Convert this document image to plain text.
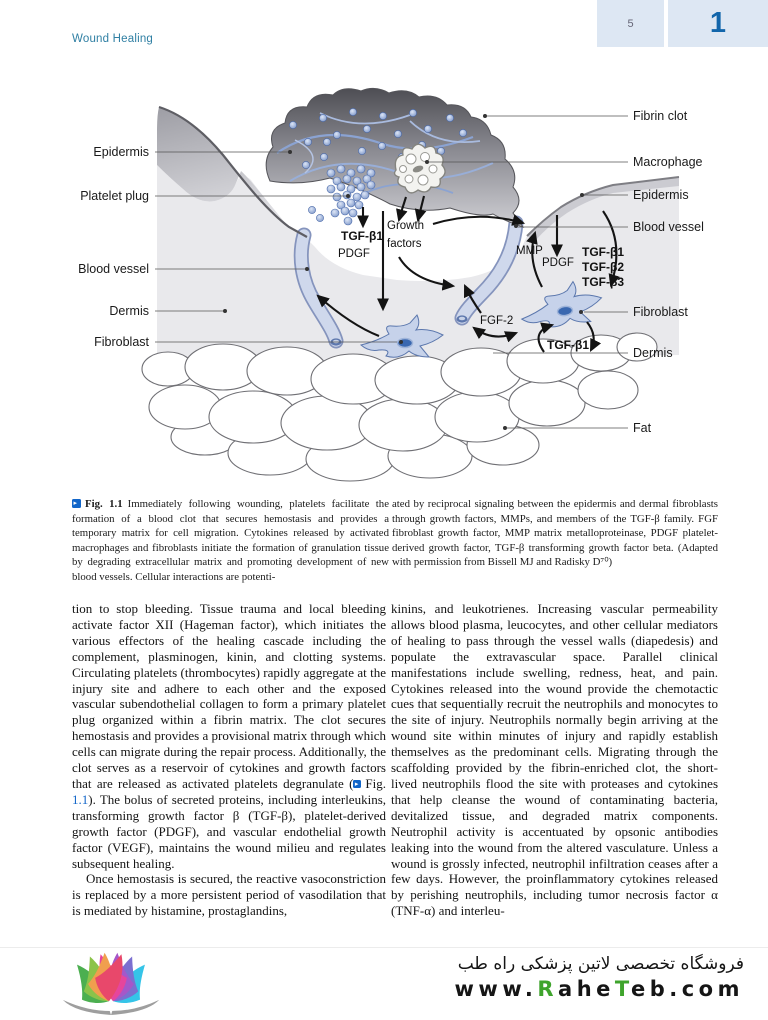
Wound Healing
5	1
Epidermis
Platelet plug
Blood vessel
Dermis
Fibroblast
Fibrin clot
Macrophage
Epidermis
Blood vessel
Fibroblast
Dermis
Fat
TGF-β1
PDGF
Growth
factors
MMP
PDGF
TGF-β1
TGF-β2
TGF-β3
FGF-2
TGF-β1
▸Fig. 1.1 Immediately following wounding, platelets facilitate the formation of a blood clot that secures hemostasis and provides a temporary matrix for cell migration. Cytokines released by activated macrophages and fibroblasts initiate the formation of granulation tissue by degrading extracellular matrix and promoting development of new blood vessels. Cellular interactions are potenti-
ated by reciprocal signaling between the epidermis and dermal fibroblasts through growth factors, MMPs, and members of the TGF-β family. FGF fibroblast growth factor, MMP matrix metalloproteinase, PDGF platelet-derived growth factor, TGF-β transforming growth factor beta. (Adapted with permission from Bissell MJ and Radisky D⁷⁰)

tion to stop bleeding. Tissue trauma and local bleeding activate factor XII (Hageman factor), which initiates the various effectors of the healing cascade including the complement, plasminogen, kinin, and clotting systems. Circulating platelets (thrombocytes) rapidly aggregate at the injury site and adhere to each other and the exposed vascular subendothelial collagen to form a primary platelet plug organized within a fibrin matrix. The clot secures hemostasis and provides a provisional matrix through which cells can migrate during the repair process. Additionally, the clot serves as a reservoir of cytokines and growth factors that are released as activated platelets degranulate ( ▸ Fig. 1.1). The bolus of secreted proteins, including interleukins, transforming growth factor β (TGF-β), platelet-derived growth factor (PDGF), and vascular endothelial growth factor (VEGF), maintains the wound milieu and regulates subsequent healing.

Once hemostasis is secured, the reactive vasoconstriction is replaced by a more persistent period of vasodilation that is mediated by histamine, prostaglandins,

kinins, and leukotrienes. Increasing vascular permeability allows blood plasma, leucocytes, and other cellular mediators of healing to pass through the vessel walls (diapedesis) and populate the extravascular space. Parallel clinical manifestations include swelling, redness, heat, and pain. Cytokines released into the wound provide the chemotactic cues that sequentially recruit the neutrophils and monocytes to the site of injury. Neutrophils normally begin arriving at the wound site within minutes of injury and rapidly establish themselves as the predominant cells. Migrating through the scaffolding provided by the fibrin-enriched clot, the short-lived neutrophils flood the site with proteases and cytokines that help cleanse the wound of contaminating bacteria, devitalized tissue, and degraded matrix components. Neutrophil activity is accentuated by opsonic antibodies leaking into the wound from the altered vasculature. Unless a wound is grossly infected, neutrophil infiltration ceases after a few days. However, the proinflammatory cytokines released by perishing neutrophils, including tumor necrosis factor α (TNF-α) and interleu-

فروشگاه تخصصی لاتین پزشکی راه طب
www.RaheTeb.com
